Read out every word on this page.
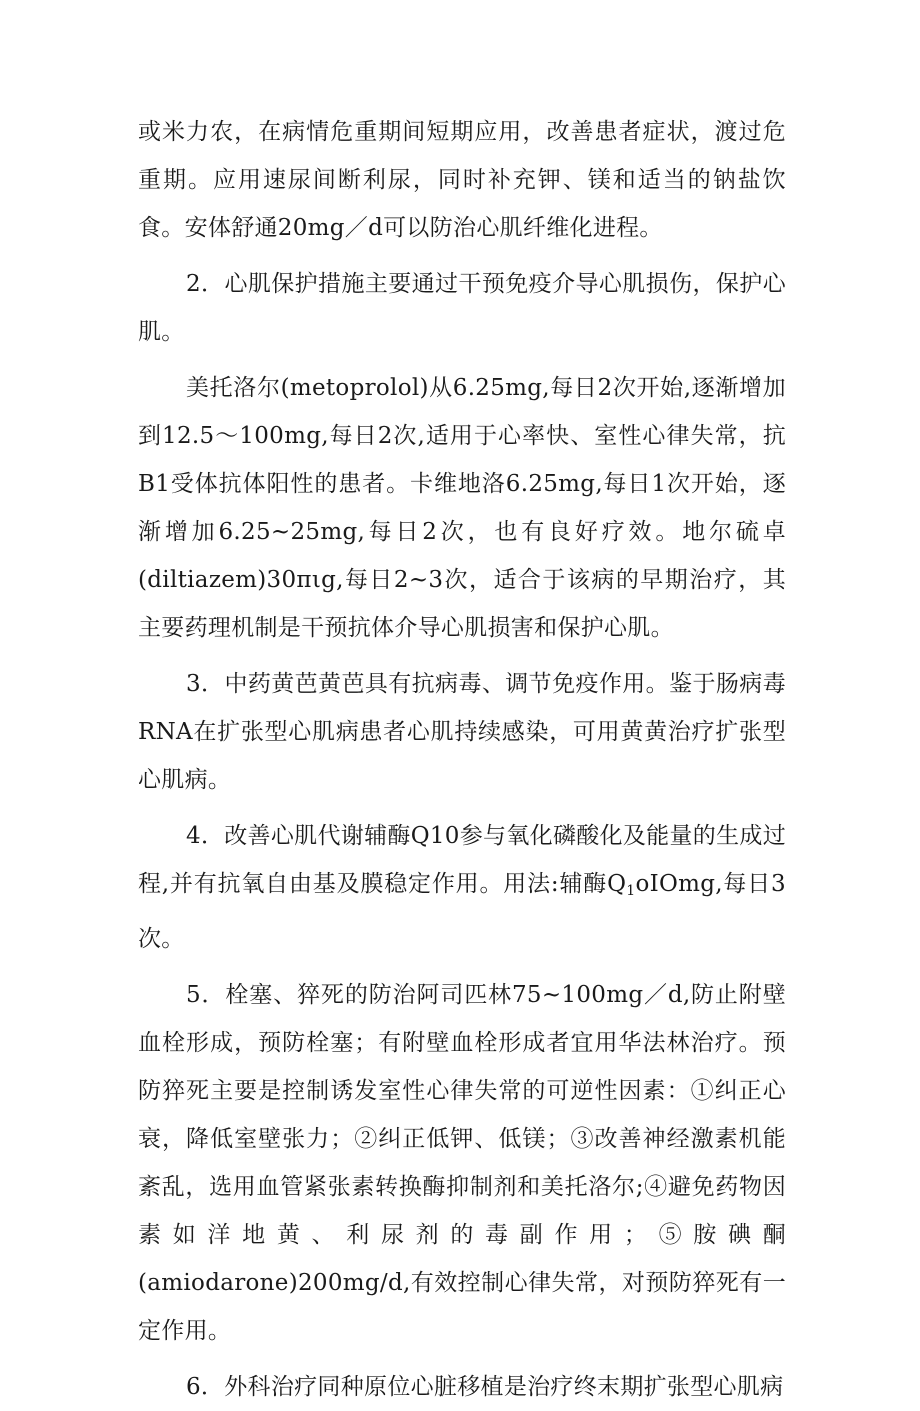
或米力农，在病情危重期间短期应用，改善患者症状，渡过危重期。应用速尿间断利尿，同时补充钾、镁和适当的钠盐饮食。安体舒通20mg／d可以防治心肌纤维化进程。

2．心肌保护措施主要通过干预免疫介导心肌损伤，保护心肌。

美托洛尔(metoprolol)从6.25mg,每日2次开始,逐渐增加到12.5～100mg,每日2次,适用于心率快、室性心律失常，抗B1受体抗体阳性的患者。卡维地洛6.25mg,每日1次开始，逐渐增加6.25~25mg,每日2次，也有良好疗效。地尔硫卓(diltiazem)30πιg,每日2~3次，适合于该病的早期治疗，其主要药理机制是干预抗体介导心肌损害和保护心肌。

3．中药黄芭黄芭具有抗病毒、调节免疫作用。鉴于肠病毒RNA在扩张型心肌病患者心肌持续感染，可用黄黄治疗扩张型心肌病。

4．改善心肌代谢辅酶Q10参与氧化磷酸化及能量的生成过程,并有抗氧自由基及膜稳定作用。用法:辅酶$Q_1oIOmg$,每日3次。

5．栓塞、猝死的防治阿司匹林75~100mg／d,防止附壁血栓形成，预防栓塞；有附壁血栓形成者宜用华法林治疗。预防猝死主要是控制诱发室性心律失常的可逆性因素：①纠正心衰，降低室壁张力；②纠正低钾、低镁；③改善神经激素机能紊乱，选用血管紧张素转换酶抑制剂和美托洛尔;④避免药物因素如洋地黄、利尿剂的毒副作用；⑤胺碘酮(amiodarone)200mg/d,有效控制心律失常，对预防猝死有一定作用。

6．外科治疗同种原位心脏移植是治疗终末期扩张型心肌病
